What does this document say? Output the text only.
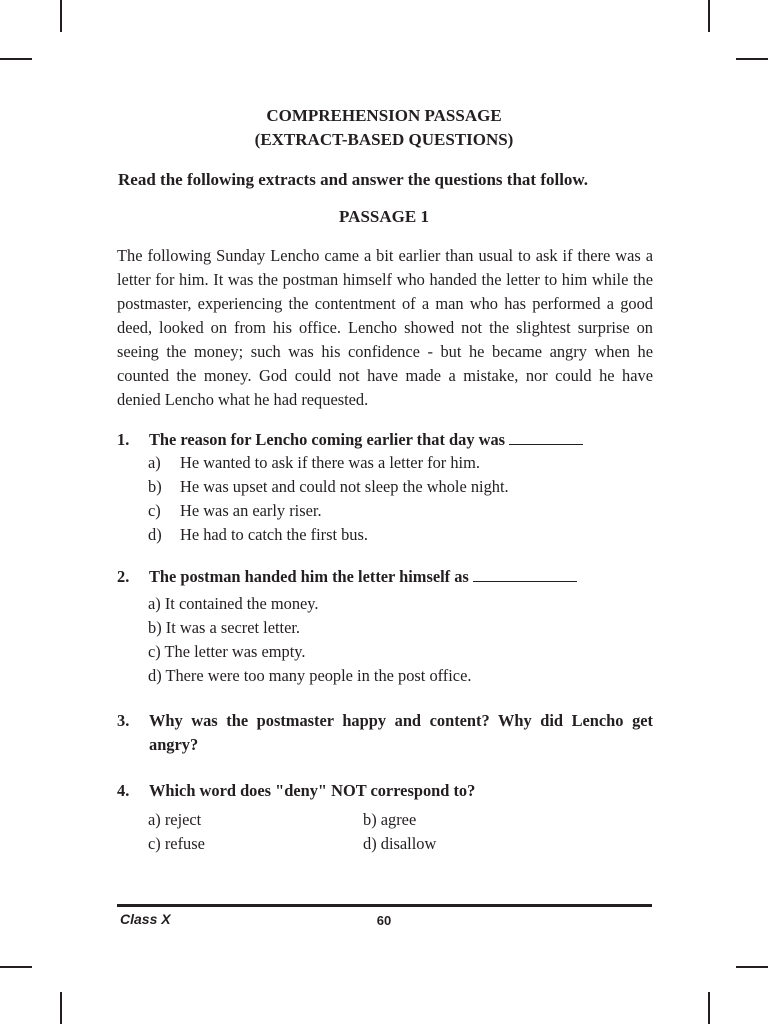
COMPREHENSION PASSAGE
(EXTRACT-BASED QUESTIONS)
Read the following extracts and answer the questions that follow.
PASSAGE 1

The following Sunday Lencho came a bit earlier than usual to ask if there was a letter for him. It was the postman himself who handed the letter to him while the postmaster, experiencing the contentment of a man who has performed a good deed, looked on from his office. Lencho showed not the slightest surprise on seeing the money; such was his confidence - but he became angry when he counted the money. God could not have made a mistake, nor could he have denied Lencho what he had requested.

1. The reason for Lencho coming earlier that day was
a) He wanted to ask if there was a letter for him.
b) He was upset and could not sleep the whole night.
c) He was an early riser.
d) He had to catch the first bus.
2. The postman handed him the letter himself as
a) It contained the money.
b) It was a secret letter.
c) The letter was empty.
d) There were too many people in the post office.
3. Why was the postmaster happy and content? Why did Lencho get angry?
4. Which word does "deny" NOT correspond to?
a) reject	b) agree
c) refuse	d) disallow
Class X	60
